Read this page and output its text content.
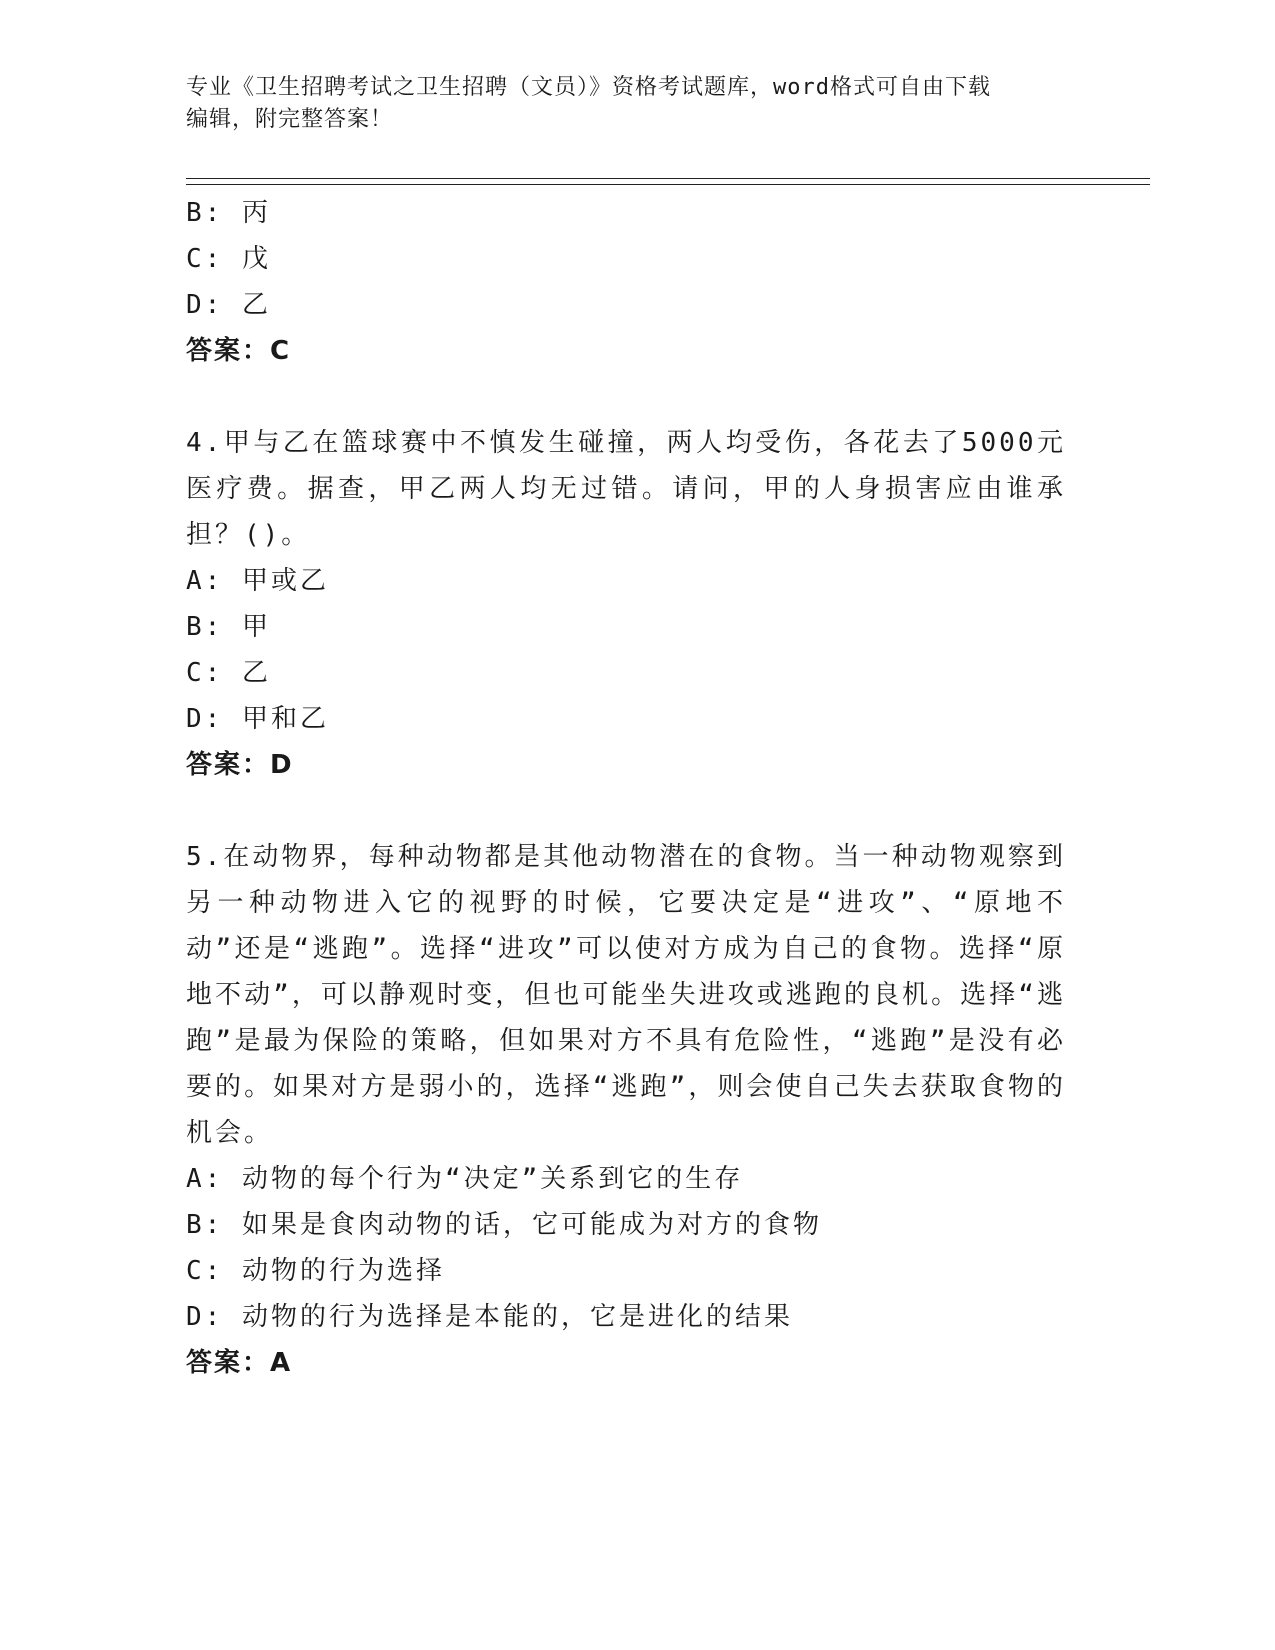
专业《卫生招聘考试之卫生招聘（文员）》资格考试题库，word格式可自由下载
编辑，附完整答案！
B: 丙
C: 戊
D: 乙
答案：C
4.甲与乙在篮球赛中不慎发生碰撞，两人均受伤，各花去了5000元医疗费。据查，甲乙两人均无过错。请问，甲的人身损害应由谁承担？()。
A: 甲或乙
B: 甲
C: 乙
D: 甲和乙
答案：D
5.在动物界，每种动物都是其他动物潜在的食物。当一种动物观察到另一种动物进入它的视野的时候，它要决定是“进攻”、“原地不动”还是“逃跑”。选择“进攻”可以使对方成为自己的食物。选择“原地不动”，可以静观时变，但也可能坐失进攻或逃跑的良机。选择“逃跑”是最为保险的策略，但如果对方不具有危险性，“逃跑”是没有必要的。如果对方是弱小的，选择“逃跑”，则会使自己失去获取食物的机会。
A: 动物的每个行为“决定”关系到它的生存
B: 如果是食肉动物的话，它可能成为对方的食物
C: 动物的行为选择
D: 动物的行为选择是本能的，它是进化的结果
答案：A
